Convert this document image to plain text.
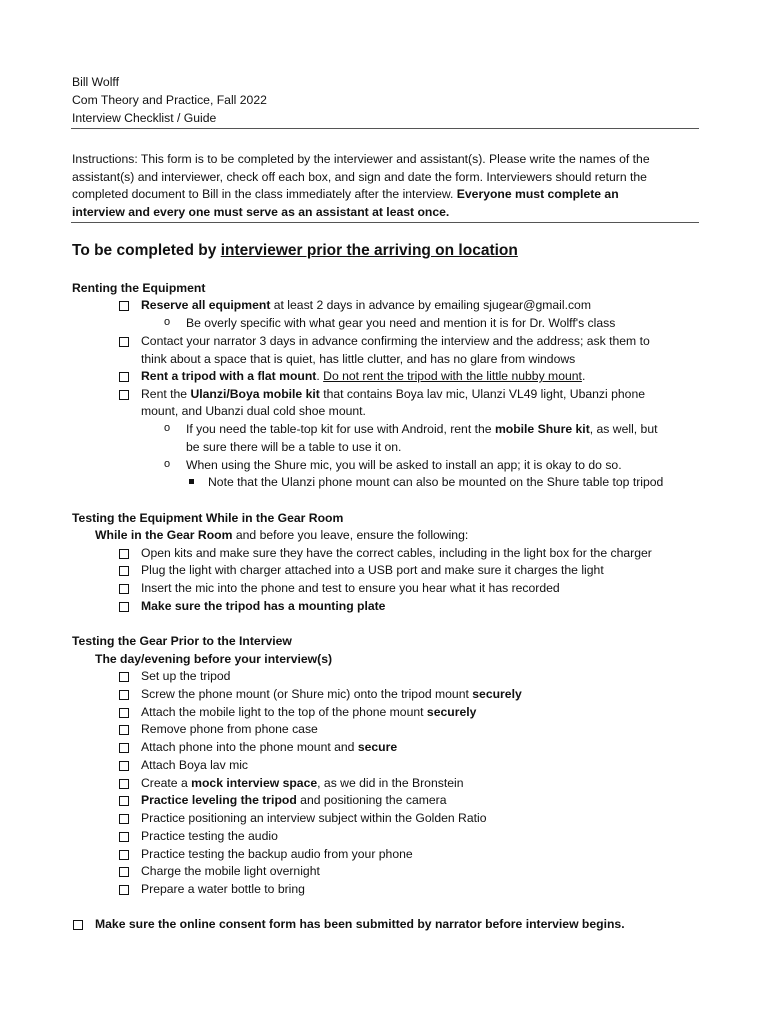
Bill Wolff
Com Theory and Practice, Fall 2022
Interview Checklist / Guide
Instructions: This form is to be completed by the interviewer and assistant(s). Please write the names of the
assistant(s) and interviewer, check off each box, and sign and date the form. Interviewers should return the
completed document to Bill in the class immediately after the interview. Everyone must complete an
interview and every one must serve as an assistant at least once.
To be completed by interviewer prior the arriving on location
Renting the Equipment
Reserve all equipment at least 2 days in advance by emailing sjugear@gmail.com
o Be overly specific with what gear you need and mention it is for Dr. Wolff's class
Contact your narrator 3 days in advance confirming the interview and the address; ask them to
think about a space that is quiet, has little clutter, and has no glare from windows
Rent a tripod with a flat mount. Do not rent the tripod with the little nubby mount.
Rent the Ulanzi/Boya mobile kit that contains Boya lav mic, Ulanzi VL49 light, Ubanzi phone
mount, and Ubanzi dual cold shoe mount.
o If you need the table-top kit for use with Android, rent the mobile Shure kit, as well, but
be sure there will be a table to use it on.
o When using the Shure mic, you will be asked to install an app; it is okay to do so.
Note that the Ulanzi phone mount can also be mounted on the Shure table top tripod
Testing the Equipment While in the Gear Room
While in the Gear Room and before you leave, ensure the following:
Open kits and make sure they have the correct cables, including in the light box for the charger
Plug the light with charger attached into a USB port and make sure it charges the light
Insert the mic into the phone and test to ensure you hear what it has recorded
Make sure the tripod has a mounting plate
Testing the Gear Prior to the Interview
The day/evening before your interview(s)
Set up the tripod
Screw the phone mount (or Shure mic) onto the tripod mount securely
Attach the mobile light to the top of the phone mount securely
Remove phone from phone case
Attach phone into the phone mount and secure
Attach Boya lav mic
Create a mock interview space, as we did in the Bronstein
Practice leveling the tripod and positioning the camera
Practice positioning an interview subject within the Golden Ratio
Practice testing the audio
Practice testing the backup audio from your phone
Charge the mobile light overnight
Prepare a water bottle to bring
Make sure the online consent form has been submitted by narrator before interview begins.
